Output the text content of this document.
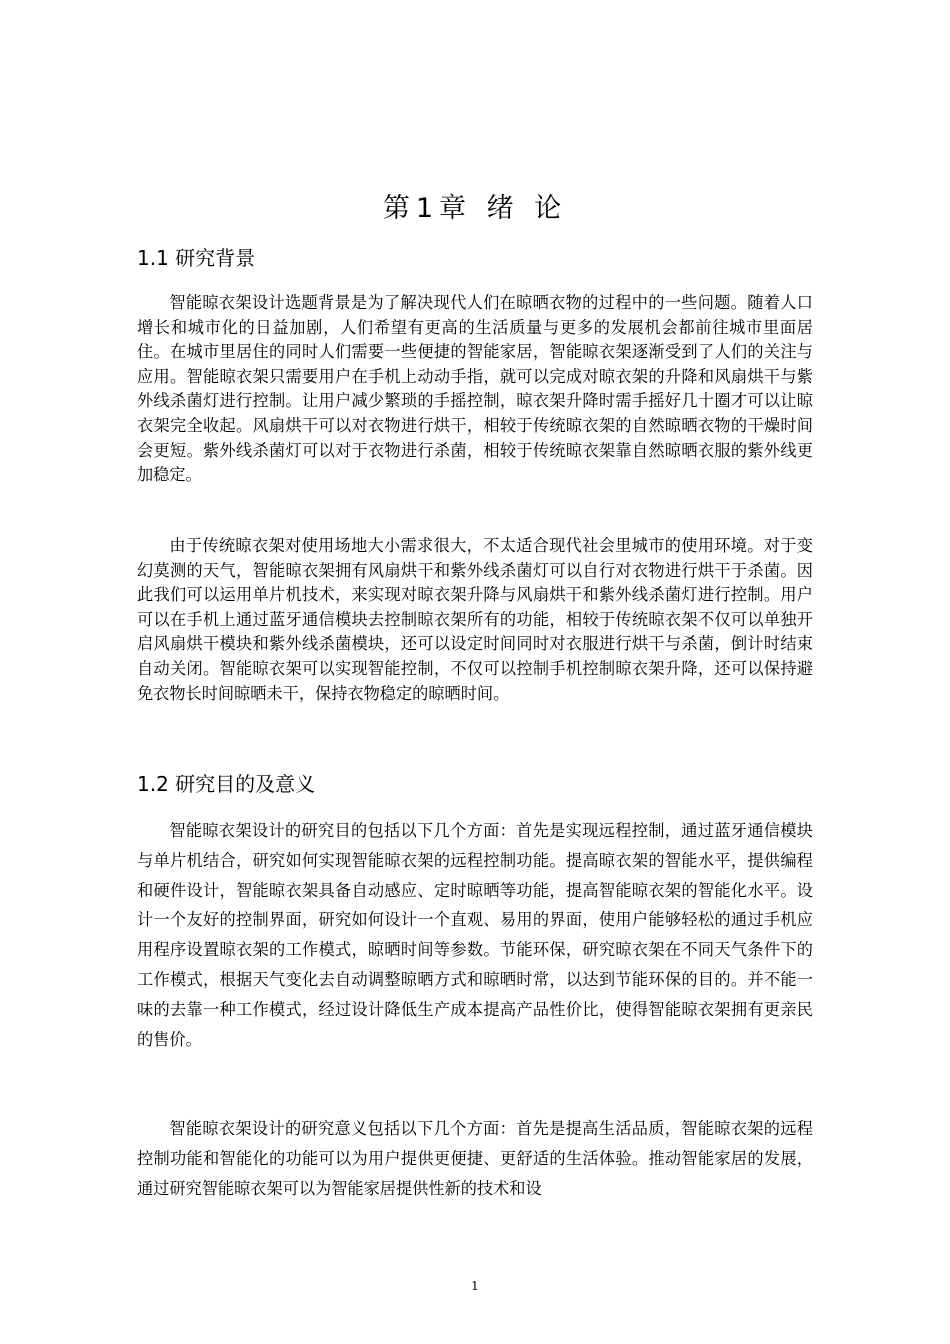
第1章 绪 论
1.1 研究背景

智能晾衣架设计选题背景是为了解决现代人们在晾晒衣物的过程中的一些问题。随着人口增长和城市化的日益加剧，人们希望有更高的生活质量与更多的发展机会都前往城市里面居住。在城市里居住的同时人们需要一些便捷的智能家居，智能晾衣架逐渐受到了人们的关注与应用。智能晾衣架只需要用户在手机上动动手指，就可以完成对晾衣架的升降和风扇烘干与紫外线杀菌灯进行控制。让用户减少繁琐的手摇控制，晾衣架升降时需手摇好几十圈才可以让晾衣架完全收起。风扇烘干可以对衣物进行烘干，相较于传统晾衣架的自然晾晒衣物的干燥时间会更短。紫外线杀菌灯可以对于衣物进行杀菌，相较于传统晾衣架靠自然晾晒衣服的紫外线更加稳定。

由于传统晾衣架对使用场地大小需求很大，不太适合现代社会里城市的使用环境。对于变幻莫测的天气，智能晾衣架拥有风扇烘干和紫外线杀菌灯可以自行对衣物进行烘干于杀菌。因此我们可以运用单片机技术，来实现对晾衣架升降与风扇烘干和紫外线杀菌灯进行控制。用户可以在手机上通过蓝牙通信模块去控制晾衣架所有的功能，相较于传统晾衣架不仅可以单独开启风扇烘干模块和紫外线杀菌模块，还可以设定时间同时对衣服进行烘干与杀菌，倒计时结束自动关闭。智能晾衣架可以实现智能控制，不仅可以控制手机控制晾衣架升降，还可以保持避免衣物长时间晾晒未干，保持衣物稳定的晾晒时间。

1.2 研究目的及意义

智能晾衣架设计的研究目的包括以下几个方面：首先是实现远程控制，通过蓝牙通信模块与单片机结合，研究如何实现智能晾衣架的远程控制功能。提高晾衣架的智能水平，提供编程和硬件设计，智能晾衣架具备自动感应、定时晾晒等功能，提高智能晾衣架的智能化水平。设计一个友好的控制界面，研究如何设计一个直观、易用的界面，使用户能够轻松的通过手机应用程序设置晾衣架的工作模式，晾晒时间等参数。节能环保，研究晾衣架在不同天气条件下的工作模式，根据天气变化去自动调整晾晒方式和晾晒时常，以达到节能环保的目的。并不能一味的去靠一种工作模式，经过设计降低生产成本提高产品性价比，使得智能晾衣架拥有更亲民的售价。

智能晾衣架设计的研究意义包括以下几个方面：首先是提高生活品质，智能晾衣架的远程控制功能和智能化的功能可以为用户提供更便捷、更舒适的生活体验。推动智能家居的发展，通过研究智能晾衣架可以为智能家居提供性新的技术和设

1
